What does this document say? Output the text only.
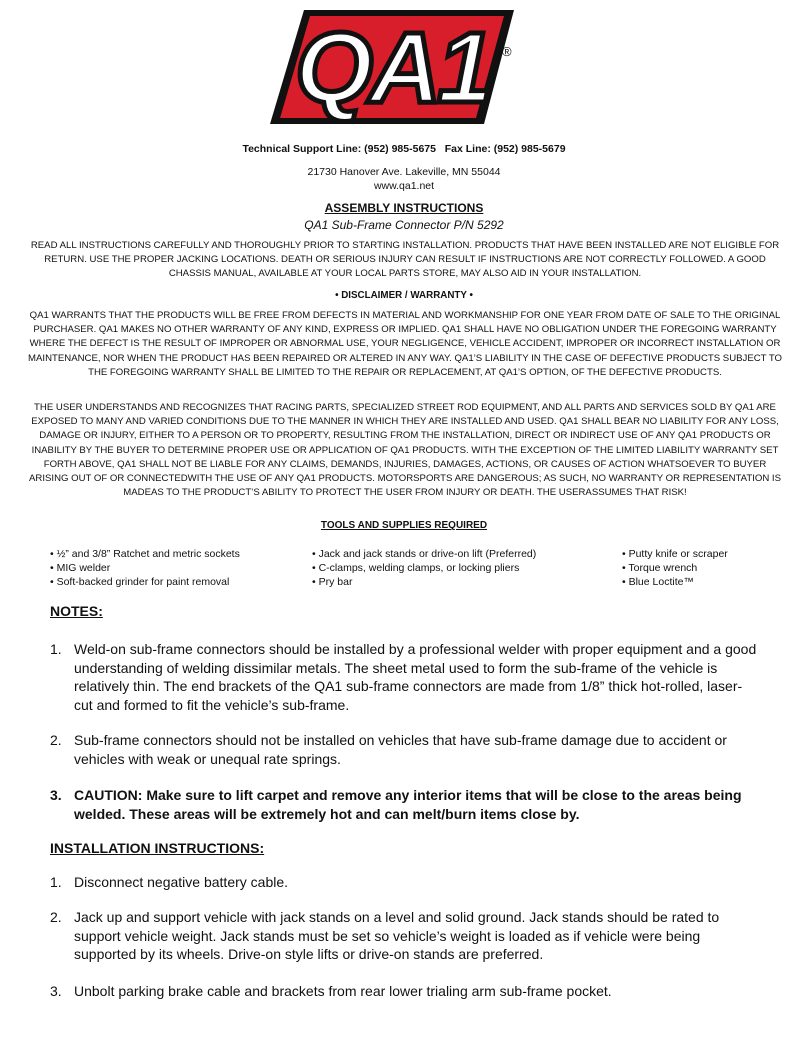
QA1 ®
Technical Support Line: (952) 985-5675   Fax Line: (952) 985-5679
21730 Hanover Ave. Lakeville, MN 55044
www.qa1.net
ASSEMBLY INSTRUCTIONS
QA1 Sub-Frame Connector P/N 5292
READ ALL INSTRUCTIONS CAREFULLY AND THOROUGHLY PRIOR TO STARTING INSTALLATION. PRODUCTS THAT HAVE BEEN INSTALLED ARE NOT ELIGIBLE FOR RETURN. USE THE PROPER JACKING LOCATIONS. DEATH OR SERIOUS INJURY CAN RESULT IF INSTRUCTIONS ARE NOT CORRECTLY FOLLOWED. A GOOD CHASSIS MANUAL, AVAILABLE AT YOUR LOCAL PARTS STORE, MAY ALSO AID IN YOUR INSTALLATION.
• DISCLAIMER / WARRANTY •
QA1 WARRANTS THAT THE PRODUCTS WILL BE FREE FROM DEFECTS IN MATERIAL AND WORKMANSHIP FOR ONE YEAR FROM DATE OF SALE TO THE ORIGINAL PURCHASER. QA1 MAKES NO OTHER WARRANTY OF ANY KIND, EXPRESS OR IMPLIED. QA1 SHALL HAVE NO OBLIGATION UNDER THE FOREGOING WARRANTY WHERE THE DEFECT IS THE RESULT OF IMPROPER OR ABNORMAL USE, YOUR NEGLIGENCE, VEHICLE ACCIDENT, IMPROPER OR INCORRECT INSTALLATION OR MAINTENANCE, NOR WHEN THE PRODUCT HAS BEEN REPAIRED OR ALTERED IN ANY WAY. QA1’S LIABILITY IN THE CASE OF DEFECTIVE PRODUCTS SUBJECT TO THE FOREGOING WARRANTY SHALL BE LIMITED TO THE REPAIR OR REPLACEMENT, AT QA1’S OPTION, OF THE DEFECTIVE PRODUCTS.
THE USER UNDERSTANDS AND RECOGNIZES THAT RACING PARTS, SPECIALIZED STREET ROD EQUIPMENT, AND ALL PARTS AND SERVICES SOLD BY QA1 ARE EXPOSED TO MANY AND VARIED CONDITIONS DUE TO THE MANNER IN WHICH THEY ARE INSTALLED AND USED. QA1 SHALL BEAR NO LIABILITY FOR ANY LOSS, DAMAGE OR INJURY, EITHER TO A PERSON OR TO PROPERTY, RESULTING FROM THE INSTALLATION, DIRECT OR INDIRECT USE OF ANY QA1 PRODUCTS OR INABILITY BY THE BUYER TO DETERMINE PROPER USE OR APPLICATION OF QA1 PRODUCTS. WITH THE EXCEPTION OF THE LIMITED LIABILITY WARRANTY SET FORTH ABOVE, QA1 SHALL NOT BE LIABLE FOR ANY CLAIMS, DEMANDS, INJURIES, DAMAGES, ACTIONS, OR CAUSES OF ACTION WHATSOEVER TO BUYER ARISING OUT OF OR CONNECTEDWITH THE USE OF ANY QA1 PRODUCTS. MOTORSPORTS ARE DANGEROUS; AS SUCH, NO WARRANTY OR REPRESENTATION IS MADEAS TO THE PRODUCT’S ABILITY TO PROTECT THE USER FROM INJURY OR DEATH. THE USERASSUMES THAT RISK!
TOOLS AND SUPPLIES REQUIRED
• ½” and 3/8” Ratchet and metric sockets
• MIG welder
• Soft-backed grinder for paint removal
• Jack and jack stands or drive-on lift (Preferred)
• C-clamps, welding clamps, or locking pliers
• Pry bar
• Putty knife or scraper
• Torque wrench
• Blue Loctite™
NOTES:
1. Weld-on sub-frame connectors should be installed by a professional welder with proper equipment and a good understanding of welding dissimilar metals. The sheet metal used to form the sub-frame of the vehicle is relatively thin. The end brackets of the QA1 sub-frame connectors are made from 1/8” thick hot-rolled, laser-cut and formed to fit the vehicle’s sub-frame.
2. Sub-frame connectors should not be installed on vehicles that have sub-frame damage due to accident or vehicles with weak or unequal rate springs.
3. CAUTION: Make sure to lift carpet and remove any interior items that will be close to the areas being welded. These areas will be extremely hot and can melt/burn items close by.
INSTALLATION INSTRUCTIONS:
1. Disconnect negative battery cable.
2. Jack up and support vehicle with jack stands on a level and solid ground. Jack stands should be rated to support vehicle weight. Jack stands must be set so vehicle’s weight is loaded as if vehicle were being supported by its wheels. Drive-on style lifts or drive-on stands are preferred.
3. Unbolt parking brake cable and brackets from rear lower trialing arm sub-frame pocket.
